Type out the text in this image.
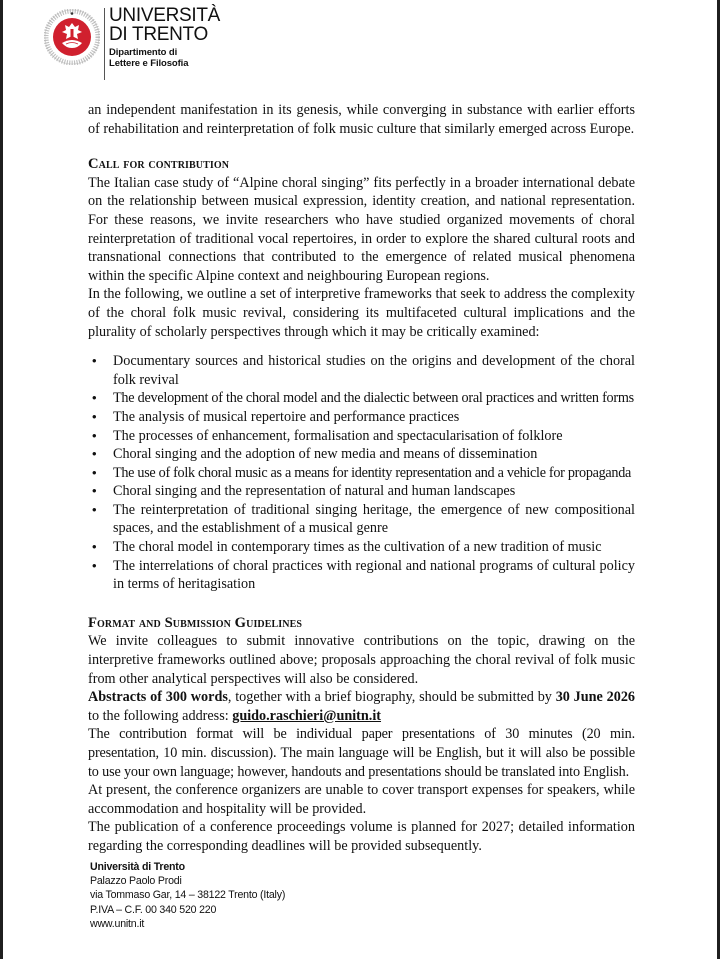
UNIVERSITÀ
DI TRENTO
Dipartimento di
Lettere e Filosofia

an independent manifestation in its genesis, while converging in substance with earlier efforts of rehabilitation and reinterpretation of folk music culture that similarly emerged across Europe.

Call for contribution

The Italian case study of “Alpine choral singing” fits perfectly in a broader international debate on the relationship between musical expression, identity creation, and national representation. For these reasons, we invite researchers who have studied organized movements of choral reinterpretation of traditional vocal repertoires, in order to explore the shared cultural roots and transnational connections that contributed to the emergence of related musical phenomena within the specific Alpine context and neighbouring European regions.

In the following, we outline a set of interpretive frameworks that seek to address the complexity of the choral folk music revival, considering its multifaceted cultural implications and the plurality of scholarly perspectives through which it may be critically examined:

• Documentary sources and historical studies on the origins and development of the choral folk revival
• The development of the choral model and the dialectic between oral practices and written forms
• The analysis of musical repertoire and performance practices
• The processes of enhancement, formalisation and spectacularisation of folklore
• Choral singing and the adoption of new media and means of dissemination
• The use of folk choral music as a means for identity representation and a vehicle for propaganda
• Choral singing and the representation of natural and human landscapes
• The reinterpretation of traditional singing heritage, the emergence of new compositional spaces, and the establishment of a musical genre
• The choral model in contemporary times as the cultivation of a new tradition of music
• The interrelations of choral practices with regional and national programs of cultural policy in terms of heritagisation
Format and Submission Guidelines

We invite colleagues to submit innovative contributions on the topic, drawing on the interpretive frameworks outlined above; proposals approaching the choral revival of folk music from other analytical perspectives will also be considered.

Abstracts of 300 words, together with a brief biography, should be submitted by 30 June 2026 to the following address: guido.raschieri@unitn.it

The contribution format will be individual paper presentations of 30 minutes (20 min. presentation, 10 min. discussion). The main language will be English, but it will also be possible to use your own language; however, handouts and presentations should be translated into English.

At present, the conference organizers are unable to cover transport expenses for speakers, while accommodation and hospitality will be provided.

The publication of a conference proceedings volume is planned for 2027; detailed information regarding the corresponding deadlines will be provided subsequently.

Università di Trento
Palazzo Paolo Prodi
via Tommaso Gar, 14 – 38122 Trento (Italy)
P.IVA – C.F. 00 340 520 220
www.unitn.it
